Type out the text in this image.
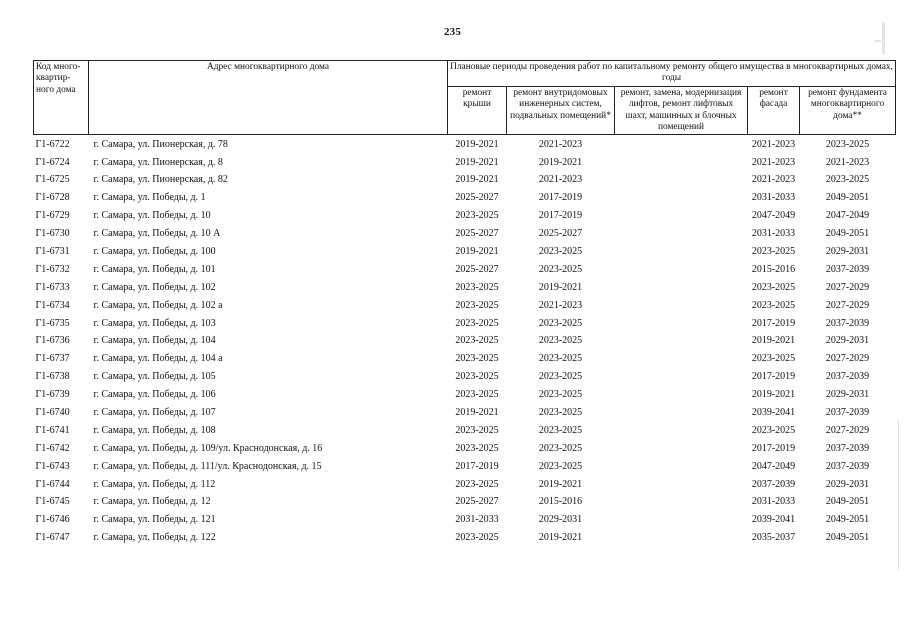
235
Код много-квартир-ного дома	Адрес многоквартирного дома	Плановые периоды проведения работ по капитальному ремонту общего имущества в многоквартирных домах, годы				
		ремонт крыши	ремонт внутридомовых инженерных систем, подвальных помещений*	ремонт, замена, модернизация лифтов, ремонт лифтовых шахт, машинных и блочных помещений	ремонт фасада	ремонт фундамента многоквартирного дома**
Г1-6722	г. Самара, ул. Пионерская, д. 78	2019-2021	2021-2023		2021-2023	2023-2025
Г1-6724	г. Самара, ул. Пионерская, д. 8	2019-2021	2019-2021		2021-2023	2021-2023
Г1-6725	г. Самара, ул. Пионерская, д. 82	2019-2021	2021-2023		2021-2023	2023-2025
Г1-6728	г. Самара, ул. Победы, д. 1	2025-2027	2017-2019		2031-2033	2049-2051
Г1-6729	г. Самара, ул. Победы, д. 10	2023-2025	2017-2019		2047-2049	2047-2049
Г1-6730	г. Самара, ул. Победы, д. 10 А	2025-2027	2025-2027		2031-2033	2049-2051
Г1-6731	г. Самара, ул. Победы, д. 100	2019-2021	2023-2025		2023-2025	2029-2031
Г1-6732	г. Самара, ул. Победы, д. 101	2025-2027	2023-2025		2015-2016	2037-2039
Г1-6733	г. Самара, ул. Победы, д. 102	2023-2025	2019-2021		2023-2025	2027-2029
Г1-6734	г. Самара, ул. Победы, д. 102 а	2023-2025	2021-2023		2023-2025	2027-2029
Г1-6735	г. Самара, ул. Победы, д. 103	2023-2025	2023-2025		2017-2019	2037-2039
Г1-6736	г. Самара, ул. Победы, д. 104	2023-2025	2023-2025		2019-2021	2029-2031
Г1-6737	г. Самара, ул. Победы, д. 104 а	2023-2025	2023-2025		2023-2025	2027-2029
Г1-6738	г. Самара, ул. Победы, д. 105	2023-2025	2023-2025		2017-2019	2037-2039
Г1-6739	г. Самара, ул. Победы, д. 106	2023-2025	2023-2025		2019-2021	2029-2031
Г1-6740	г. Самара, ул. Победы, д. 107	2019-2021	2023-2025		2039-2041	2037-2039
Г1-6741	г. Самара, ул. Победы, д. 108	2023-2025	2023-2025		2023-2025	2027-2029
Г1-6742	г. Самара, ул. Победы, д. 109/ул. Краснодонская, д. 16	2023-2025	2023-2025		2017-2019	2037-2039
Г1-6743	г. Самара, ул. Победы, д. 111/ул. Краснодонская, д. 15	2017-2019	2023-2025		2047-2049	2037-2039
Г1-6744	г. Самара, ул. Победы, д. 112	2023-2025	2019-2021		2037-2039	2029-2031
Г1-6745	г. Самара, ул. Победы, д. 12	2025-2027	2015-2016		2031-2033	2049-2051
Г1-6746	г. Самара, ул. Победы, д. 121	2031-2033	2029-2031		2039-2041	2049-2051
Г1-6747	г. Самара, ул. Победы, д. 122	2023-2025	2019-2021		2035-2037	2049-2051
